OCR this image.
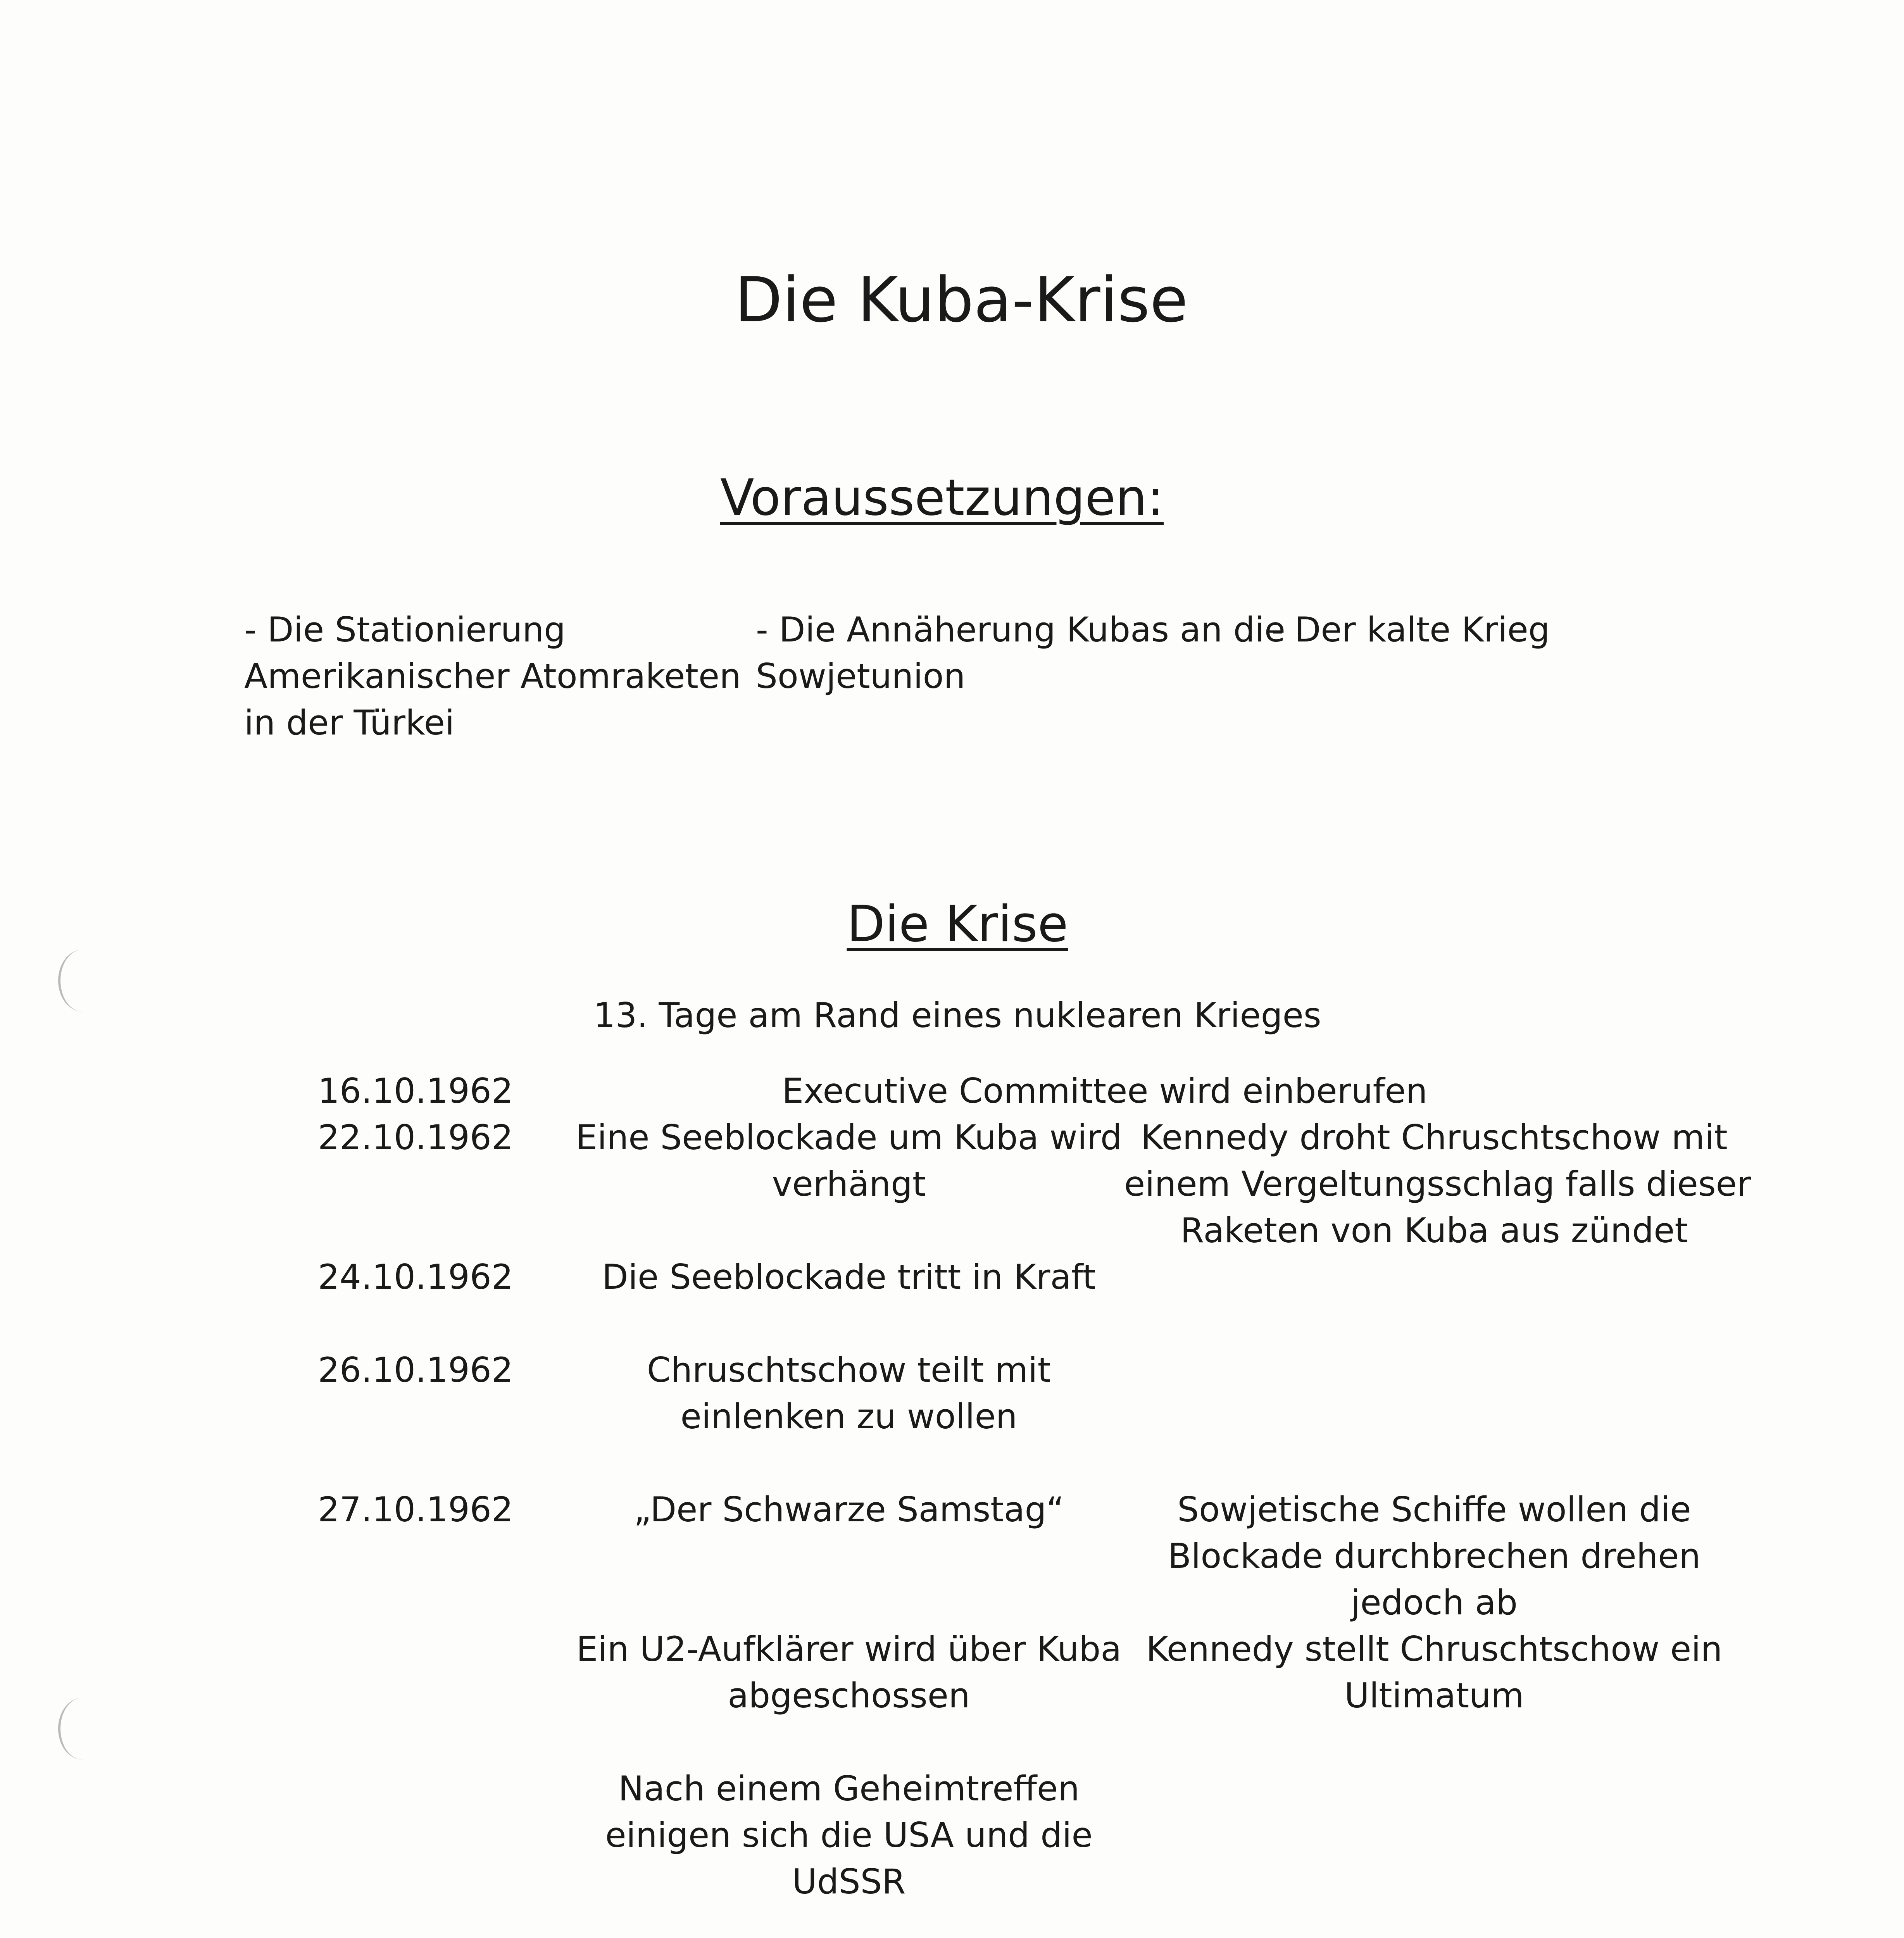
Die Kuba-Krise
Voraussetzungen:
- Die Stationierung
Amerikanischer Atomraketen
in der Türkei
- Die Annäherung Kubas an die
Sowjetunion
- Der kalte Krieg
Die Krise
13. Tage am Rand eines nuklearen Krieges
16.10.1962
22.10.1962
24.10.1962
26.10.1962
27.10.1962
Executive Committee wird einberufen
Eine Seeblockade um Kuba wird
verhängt
Die Seeblockade tritt in Kraft
Chruschtschow teilt mit
einlenken zu wollen
„Der Schwarze Samstag“
Ein U2-Aufklärer wird über Kuba
abgeschossen
Nach einem Geheimtreffen
einigen sich die USA und die
UdSSR
Kennedy droht Chruschtschow mit
einem Vergeltungsschlag falls dieser
Raketen von Kuba aus zündet
Sowjetische Schiffe wollen die
Blockade durchbrechen drehen
jedoch ab
Kennedy stellt Chruschtschow ein
Ultimatum
